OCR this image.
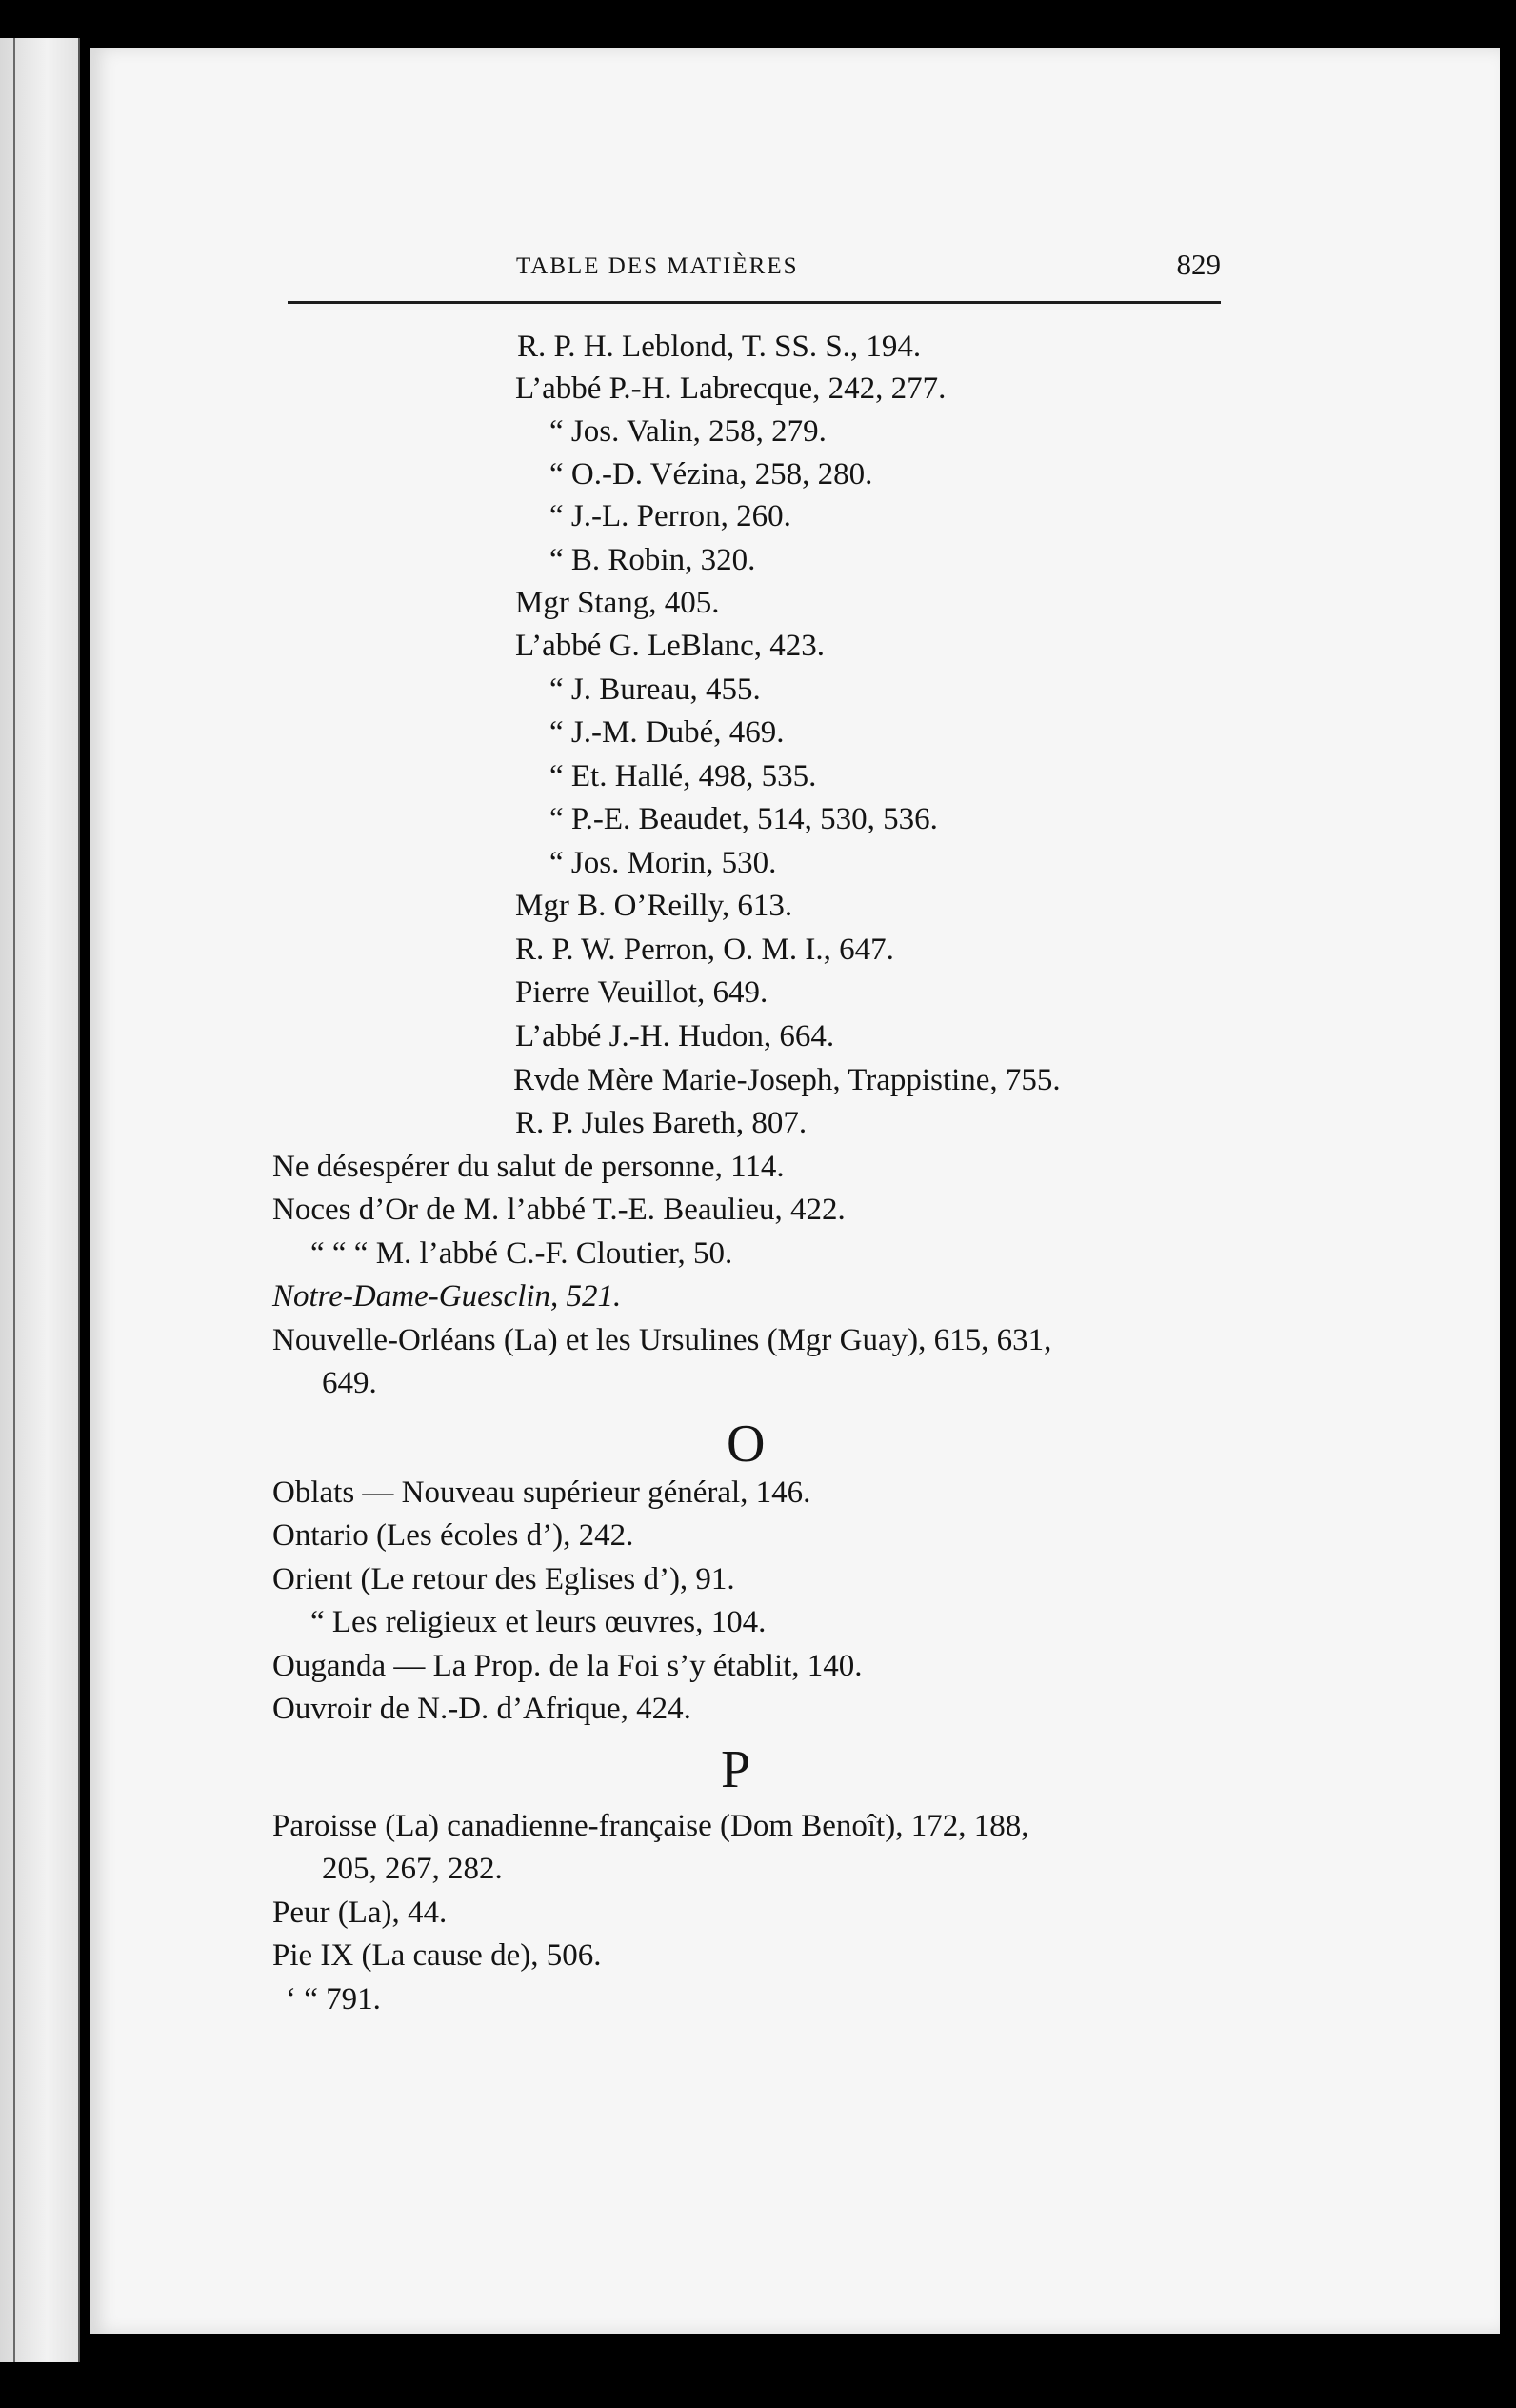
TABLE DES MATIÈRES	829
R. P. H. Leblond, T. SS. S., 194.
L’abbé P.-H. Labrecque, 242, 277.
“ Jos. Valin, 258, 279.
“ O.-D. Vézina, 258, 280.
“ J.-L. Perron, 260.
“ B. Robin, 320.
Mgr Stang, 405.
L’abbé G. LeBlanc, 423.
“ J. Bureau, 455.
“ J.-M. Dubé, 469.
“ Et. Hallé, 498, 535.
“ P.-E. Beaudet, 514, 530, 536.
“ Jos. Morin, 530.
Mgr B. O’Reilly, 613.
R. P. W. Perron, O. M. I., 647.
Pierre Veuillot, 649.
L’abbé J.-H. Hudon, 664.
Rvde Mère Marie-Joseph, Trappistine, 755.
R. P. Jules Bareth, 807.
Ne désespérer du salut de personne, 114.
Noces d’Or de M. l’abbé T.-E. Beaulieu, 422.
“ “ “ M. l’abbé C.-F. Cloutier, 50.
Notre-Dame-Guesclin, 521.
Nouvelle-Orléans (La) et les Ursulines (Mgr Guay), 615, 631,
649.
O
Oblats — Nouveau supérieur général, 146.
Ontario (Les écoles d’), 242.
Orient (Le retour des Eglises d’), 91.
“ Les religieux et leurs œuvres, 104.
Ouganda — La Prop. de la Foi s’y établit, 140.
Ouvroir de N.-D. d’Afrique, 424.
P
Paroisse (La) canadienne-française (Dom Benoît), 172, 188,
205, 267, 282.
Peur (La), 44.
Pie IX (La cause de), 506.
‘ “ 791.
